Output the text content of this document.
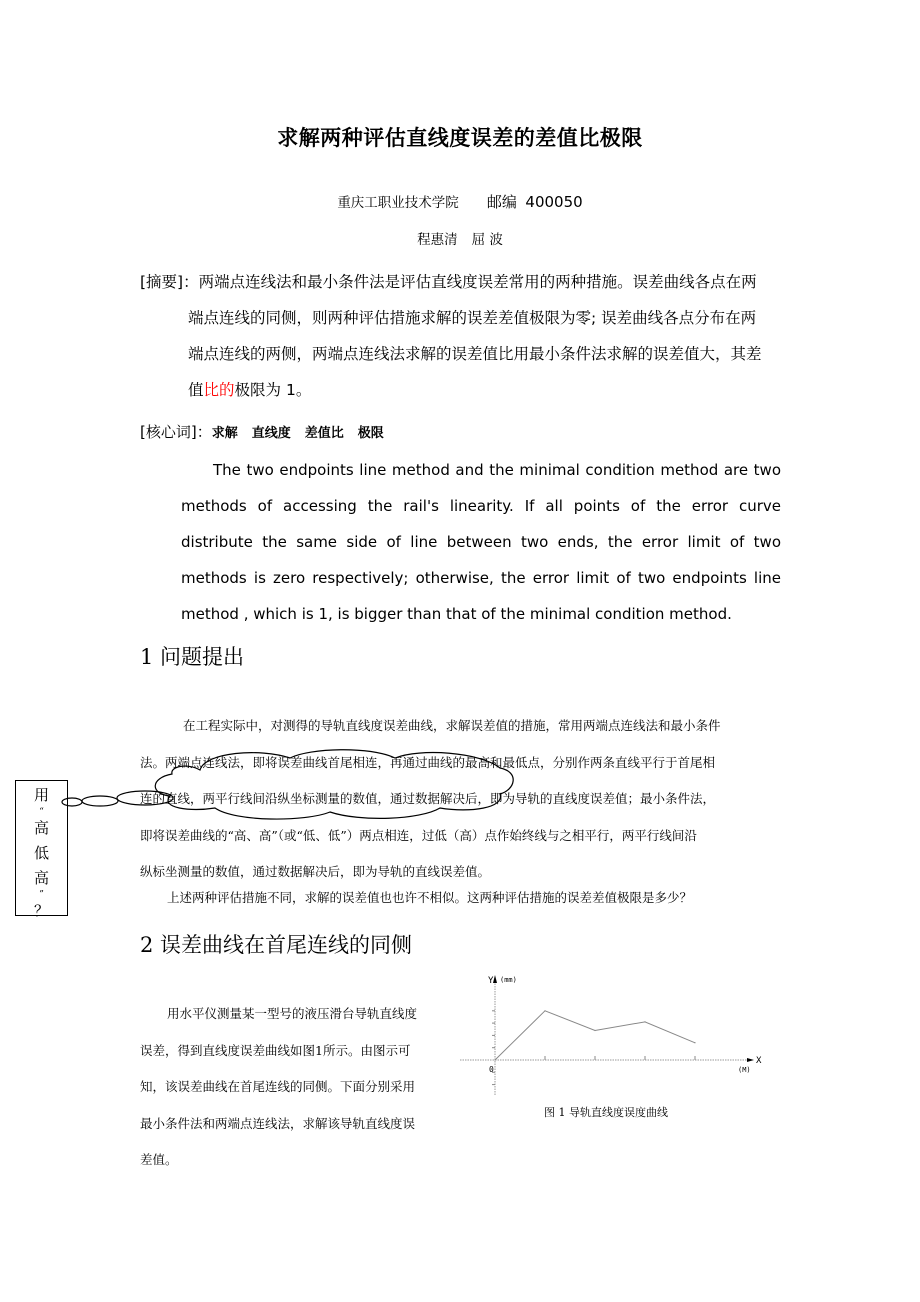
求解两种评估直线度误差的差值比极限
重庆工职业技术学院 邮编 400050
程惠清 屈 波
[摘要]：两端点连线法和最小条件法是评估直线度误差常用的两种措施。误差曲线各点在两
端点连线的同侧，则两种评估措施求解的误差差值极限为零; 误差曲线各点分布在两
端点连线的两侧，两端点连线法求解的误差值比用最小条件法求解的误差值大，其差
值比的极限为 1。
[核心词]：求解 直线度 差值比 极限

The two endpoints line method and the minimal condition method are two methods of accessing the rail's linearity. If all points of the error curve distribute the same side of line between two ends, the error limit of two methods is zero respectively; otherwise, the error limit of two endpoints line method , which is 1, is bigger than that of the minimal condition method.

1 问题提出
在工程实际中，对测得的导轨直线度误差曲线，求解误差值的措施，常用两端点连线法和最小条件
法。两端点连线法，即将误差曲线首尾相连，再通过曲线的最高和最低点，分别作两条直线平行于首尾相
连的直线，两平行线间沿纵坐标测量的数值，通过数据解决后，即为导轨的直线度误差值；最小条件法，
即将误差曲线的“高、高”（或“低、低”）两点相连，过低（高）点作始终线与之相平行，两平行线间沿
纵标坐测量的数值，通过数据解决后，即为导轨的直线误差值。
上述两种评估措施不同，求解的误差值也也许不相似。这两种评估措施的误差差值极限是多少？
用
“
高
低
高
”
？
2 误差曲线在首尾连线的同侧
用水平仪测量某一型号的液压滑台导轨直线度
误差，得到直线度误差曲线如图1所示。由图示可
知，该误差曲线在首尾连线的同侧。下面分别采用
最小条件法和两端点连线法，求解该导轨直线度误
差值。
X
(M)
Y (mm)
0
图 1 导轨直线度误度曲线
